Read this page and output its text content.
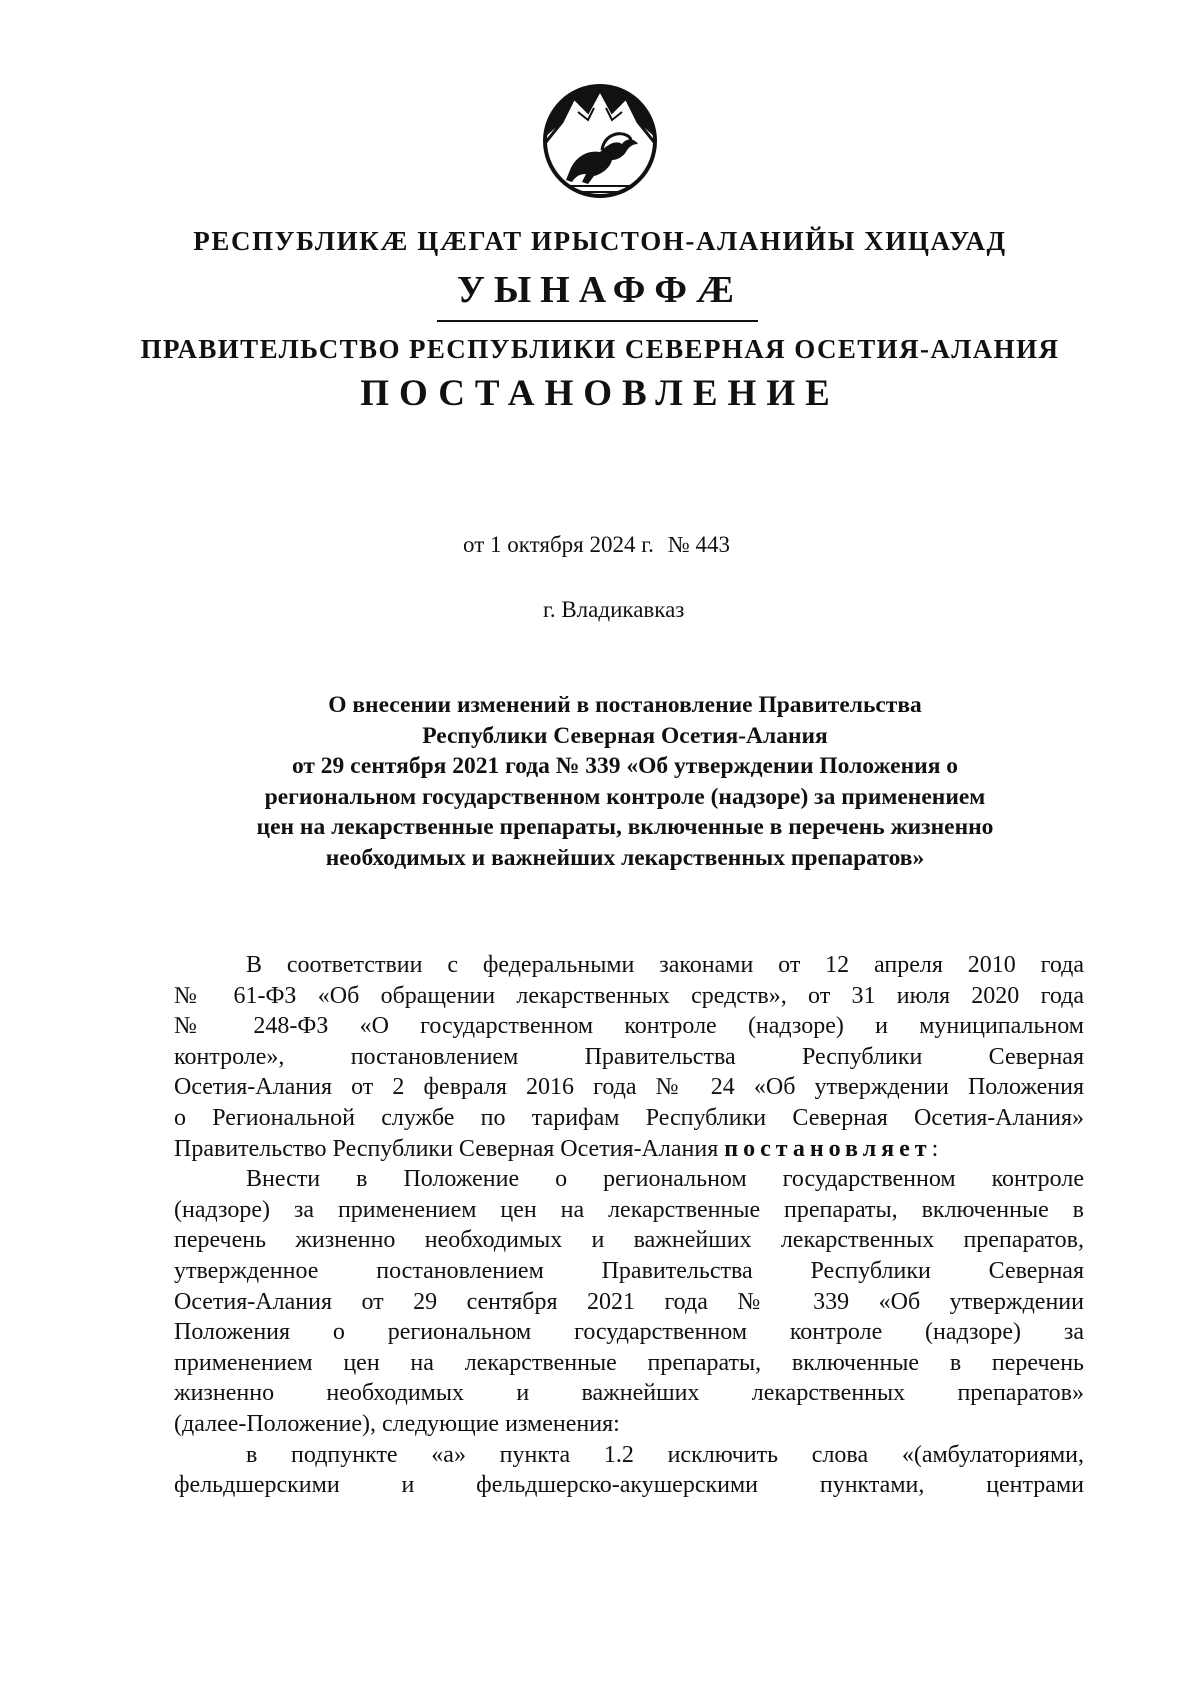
РЕСПУБЛИКӔ ЦӔГАТ ИРЫСТОН-АЛАНИЙЫ ХИЦАУАД
УЫНАФФӔ
ПРАВИТЕЛЬСТВО РЕСПУБЛИКИ СЕВЕРНАЯ ОСЕТИЯ-АЛАНИЯ
ПОСТАНОВЛЕНИЕ
от 1 октября 2024 г. № 443
г. Владикавказ
О внесении изменений в постановление Правительства
Республики Северная Осетия-Алания
от 29 сентября 2021 года № 339 «Об утверждении Положения о
региональном государственном контроле (надзоре) за применением
цен на лекарственные препараты, включенные в перечень жизненно
необходимых и важнейших лекарственных препаратов»
В соответствии с федеральными законами от 12 апреля 2010 года
№ 61-ФЗ «Об обращении лекарственных средств», от 31 июля 2020 года
№ 248-ФЗ «О государственном контроле (надзоре) и муниципальном
контроле», постановлением Правительства Республики Северная
Осетия-Алания от 2 февраля 2016 года № 24 «Об утверждении Положения
о Региональной службе по тарифам Республики Северная Осетия-Алания»
Правительство Республики Северная Осетия-Алания постановляет:
Внести в Положение о региональном государственном контроле
(надзоре) за применением цен на лекарственные препараты, включенные в
перечень жизненно необходимых и важнейших лекарственных препаратов,
утвержденное постановлением Правительства Республики Северная
Осетия-Алания от 29 сентября 2021 года № 339 «Об утверждении
Положения о региональном государственном контроле (надзоре) за
применением цен на лекарственные препараты, включенные в перечень
жизненно необходимых и важнейших лекарственных препаратов»
(далее-Положение), следующие изменения:
в подпункте «а» пункта 1.2 исключить слова «(амбулаториями,
фельдшерскими и фельдшерско-акушерскими пунктами, центрами
